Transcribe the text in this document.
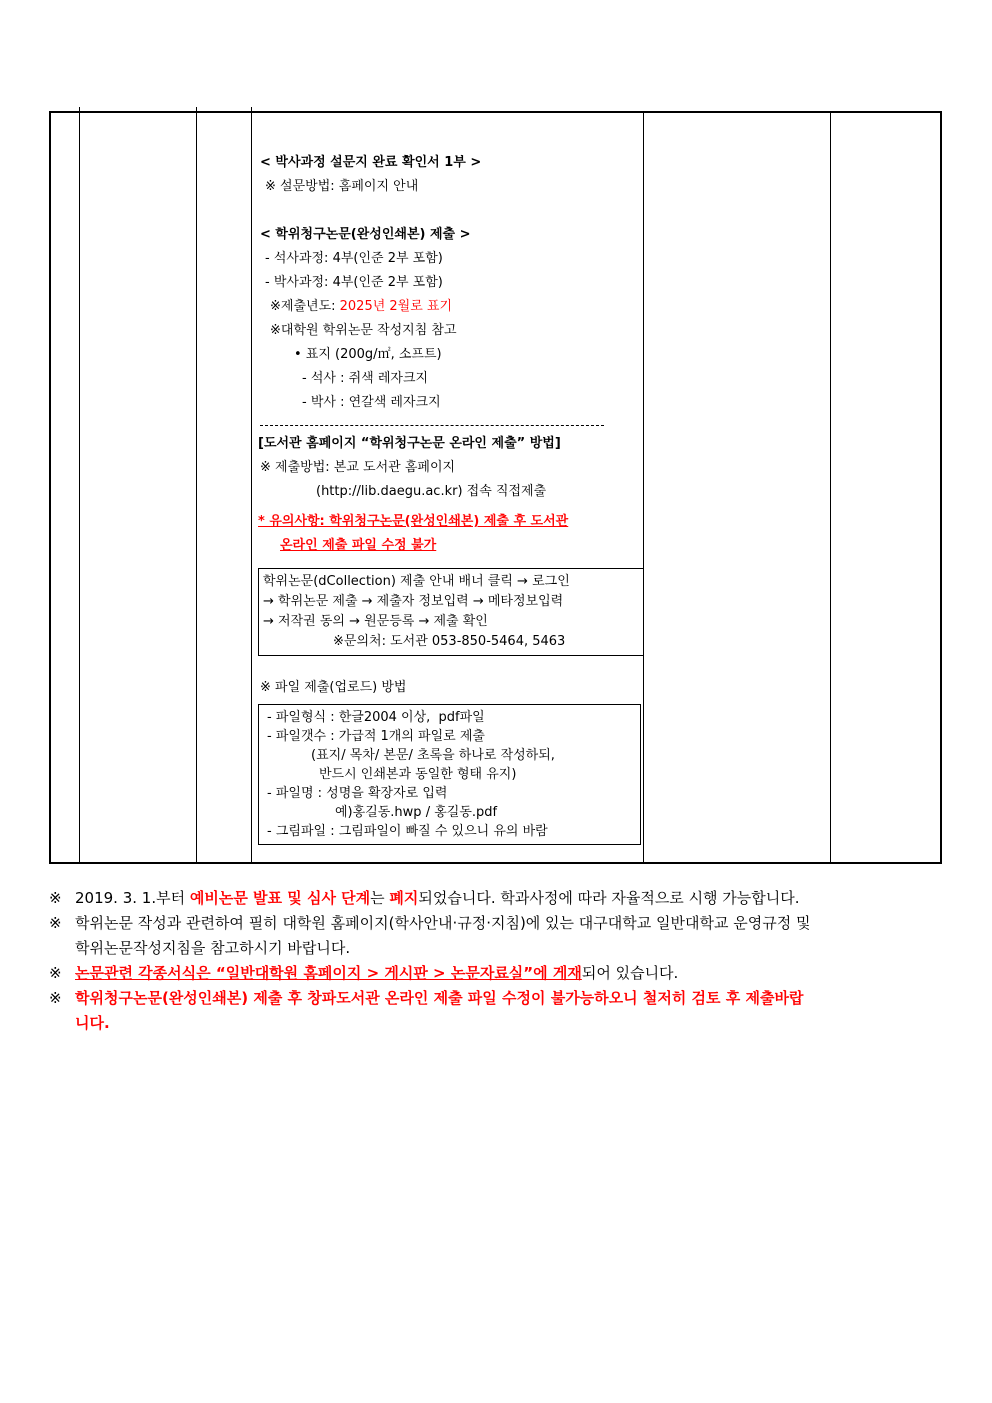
< 박사과정 설문지 완료 확인서 1부 >
※ 설문방법: 홈페이지 안내
< 학위청구논문(완성인쇄본) 제출 >
- 석사과정: 4부(인준 2부 포함)
- 박사과정: 4부(인준 2부 포함)
※제출년도: 2025년 2월로 표기
※대학원 학위논문 작성지침 참고
• 표지 (200g/㎡, 소프트)
- 석사 : 쥐색 레자크지
- 박사 : 연갈색 레자크지
[도서관 홈페이지 “학위청구논문 온라인 제출” 방법]
※ 제출방법: 본교 도서관 홈페이지
(http://lib.daegu.ac.kr) 접속 직접제출
* 유의사항: 학위청구논문(완성인쇄본) 제출 후 도서관
온라인 제출 파일 수정 불가
학위논문(dCollection) 제출 안내 배너 클릭 → 로그인
→ 학위논문 제출 → 제출자 정보입력 → 메타정보입력
→ 저작권 동의 → 원문등록 → 제출 확인
※문의처: 도서관 053-850-5464, 5463
※ 파일 제출(업로드) 방법
- 파일형식 : 한글2004 이상,  pdf파일
- 파일갯수 : 가급적 1개의 파일로 제출
(표지/ 목차/ 본문/ 초록을 하나로 작성하되,
반드시 인쇄본과 동일한 형태 유지)
- 파일명 : 성명을 확장자로 입력
예)홍길동.hwp / 홍길동.pdf
- 그림파일 : 그림파일이 빠질 수 있으니 유의 바람
※ 2019. 3. 1.부터 예비논문 발표 및 심사 단계는 폐지되었습니다. 학과사정에 따라 자율적으로 시행 가능합니다.
※ 학위논문 작성과 관련하여 필히 대학원 홈페이지(학사안내·규정·지침)에 있는 대구대학교 일반대학교 운영규정 및
학위논문작성지침을 참고하시기 바랍니다.
※ 논문관련 각종서식은 “일반대학원 홈페이지 > 게시판 > 논문자료실”에 게재되어 있습니다.
※ 학위청구논문(완성인쇄본) 제출 후 창파도서관 온라인 제출 파일 수정이 불가능하오니 철저히 검토 후 제출바랍
니다.
